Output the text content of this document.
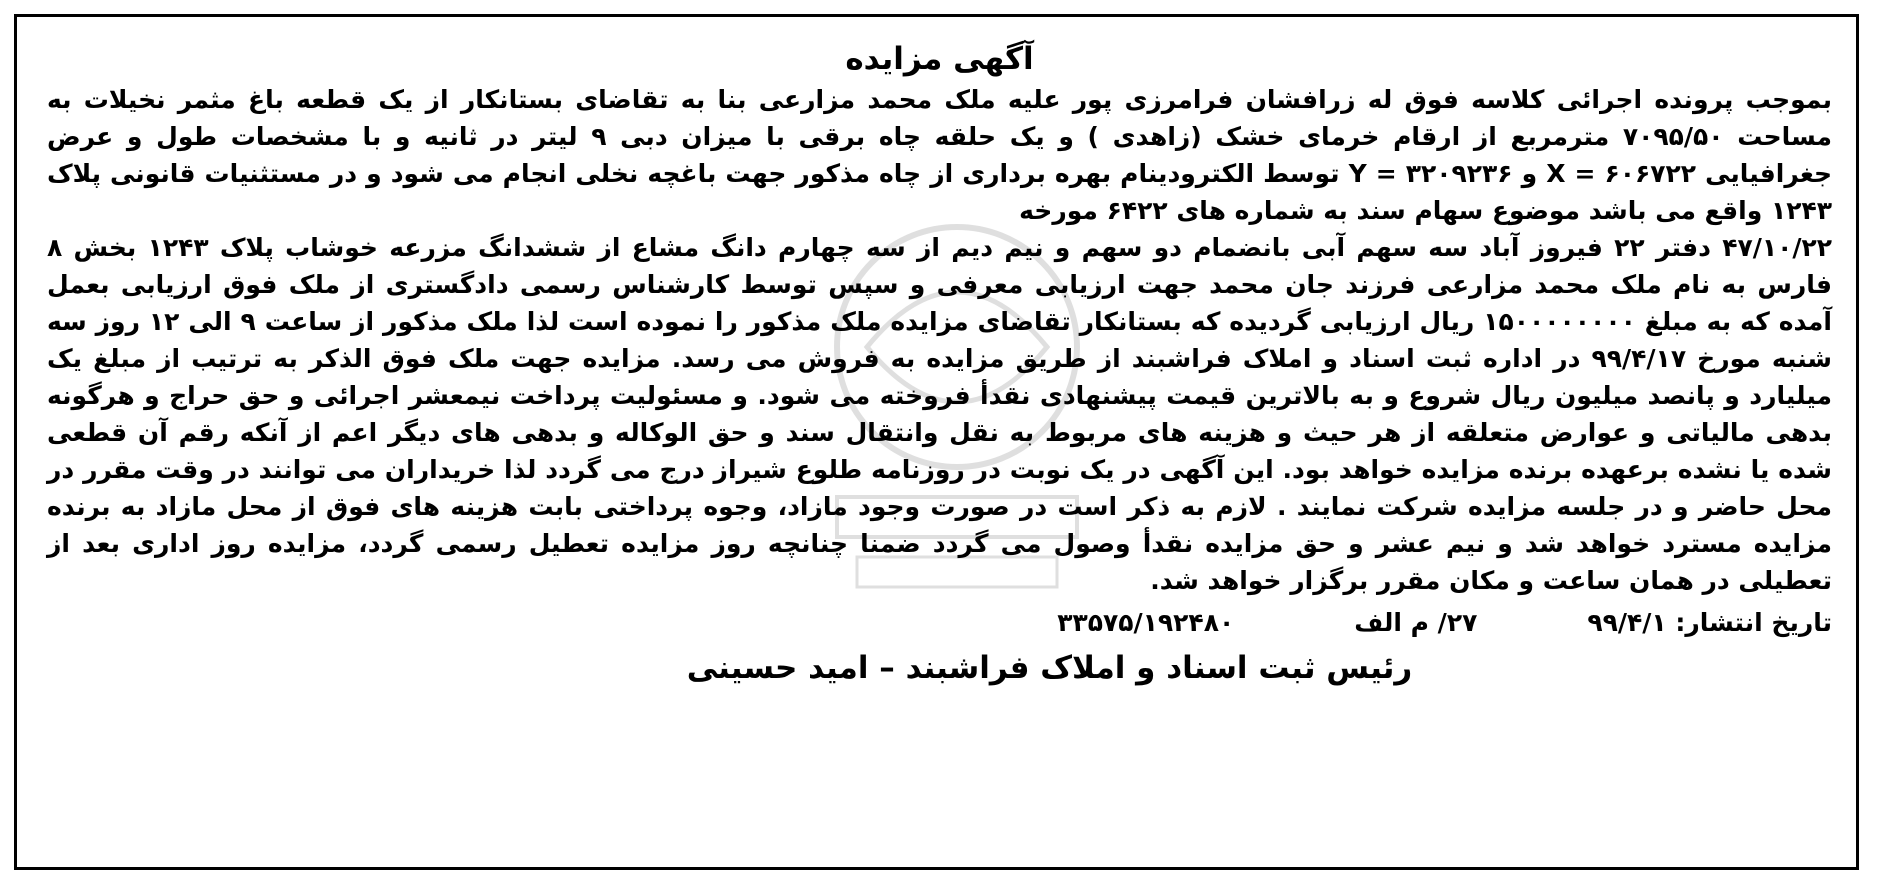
آگهی مزایده

بموجب پرونده اجرائی کلاسه فوق له زرافشان فرامرزی پور علیه ملک محمد مزارعی بنا به تقاضای بستانکار از یک قطعه باغ مثمر نخیلات به مساحت ۷۰۹۵/۵۰ مترمربع از ارقام خرمای خشک (زاهدی ) و یک حلقه چاه برقی با میزان دبی ۹ لیتر در ثانیه و با مشخصات طول و عرض جغرافیایی ۶۰۶۷۲۲ = X و ۳۲۰۹۲۳۶ = Y توسط الکترودینام بهره برداری از چاه مذکور جهت باغچه نخلی انجام می شود و در مستثنیات قانونی پلاک ۱۲۴۳ واقع می باشد موضوع سهام سند به شماره های ۶۴۲۲ مورخه

۴۷/۱۰/۲۲ دفتر ۲۲ فیروز آباد سه سهم آبی بانضمام دو سهم و نیم دیم از سه چهارم دانگ مشاع از ششدانگ مزرعه خوشاب پلاک ۱۲۴۳ بخش ۸ فارس به نام ملک محمد مزارعی فرزند جان محمد جهت ارزیابی معرفی و سپس توسط کارشناس رسمی دادگستری از ملک فوق ارزیابی بعمل آمده که به مبلغ ۱۵۰۰۰۰۰۰۰۰ ریال ارزیابی گردیده که بستانکار تقاضای مزایده ملک مذکور را نموده است لذا ملک مذکور از ساعت ۹ الی ۱۲ روز سه شنبه مورخ ۹۹/۴/۱۷ در اداره ثبت اسناد و املاک فراشبند از طریق مزایده به فروش می رسد. مزایده جهت ملک فوق الذکر به ترتیب از مبلغ یک میلیارد و پانصد میلیون ریال شروع و به بالاترین قیمت پیشنهادی نقدأ فروخته می شود. و مسئولیت پرداخت نیمعشر اجرائی و حق حراج و هرگونه بدهی مالیاتی و عوارض متعلقه از هر حیث و هزینه های مربوط به نقل وانتقال سند و حق الوکاله و بدهی های دیگر اعم از آنکه رقم آن قطعی شده یا نشده برعهده برنده مزایده خواهد بود. این آگهی در یک نوبت در روزنامه طلوع شیراز درج می گردد لذا خریداران می توانند در وقت مقرر در محل حاضر و در جلسه مزایده شرکت نمایند . لازم به ذکر است در صورت وجود مازاد، وجوه پرداختی بابت هزینه های فوق از محل مازاد به برنده مزایده مسترد خواهد شد و نیم عشر و حق مزایده نقدأ وصول می گردد ضمنا چنانچه روز مزایده تعطیل رسمی گردد، مزایده روز اداری بعد از تعطیلی در همان ساعت و مکان مقرر برگزار خواهد شد.

تاریخ انتشار: ۹۹/۴/۱
۲۷/ م الف
۳۳۵۷۵/۱۹۲۴۸۰
رئیس ثبت اسناد و املاک فراشبند – امید حسینی
